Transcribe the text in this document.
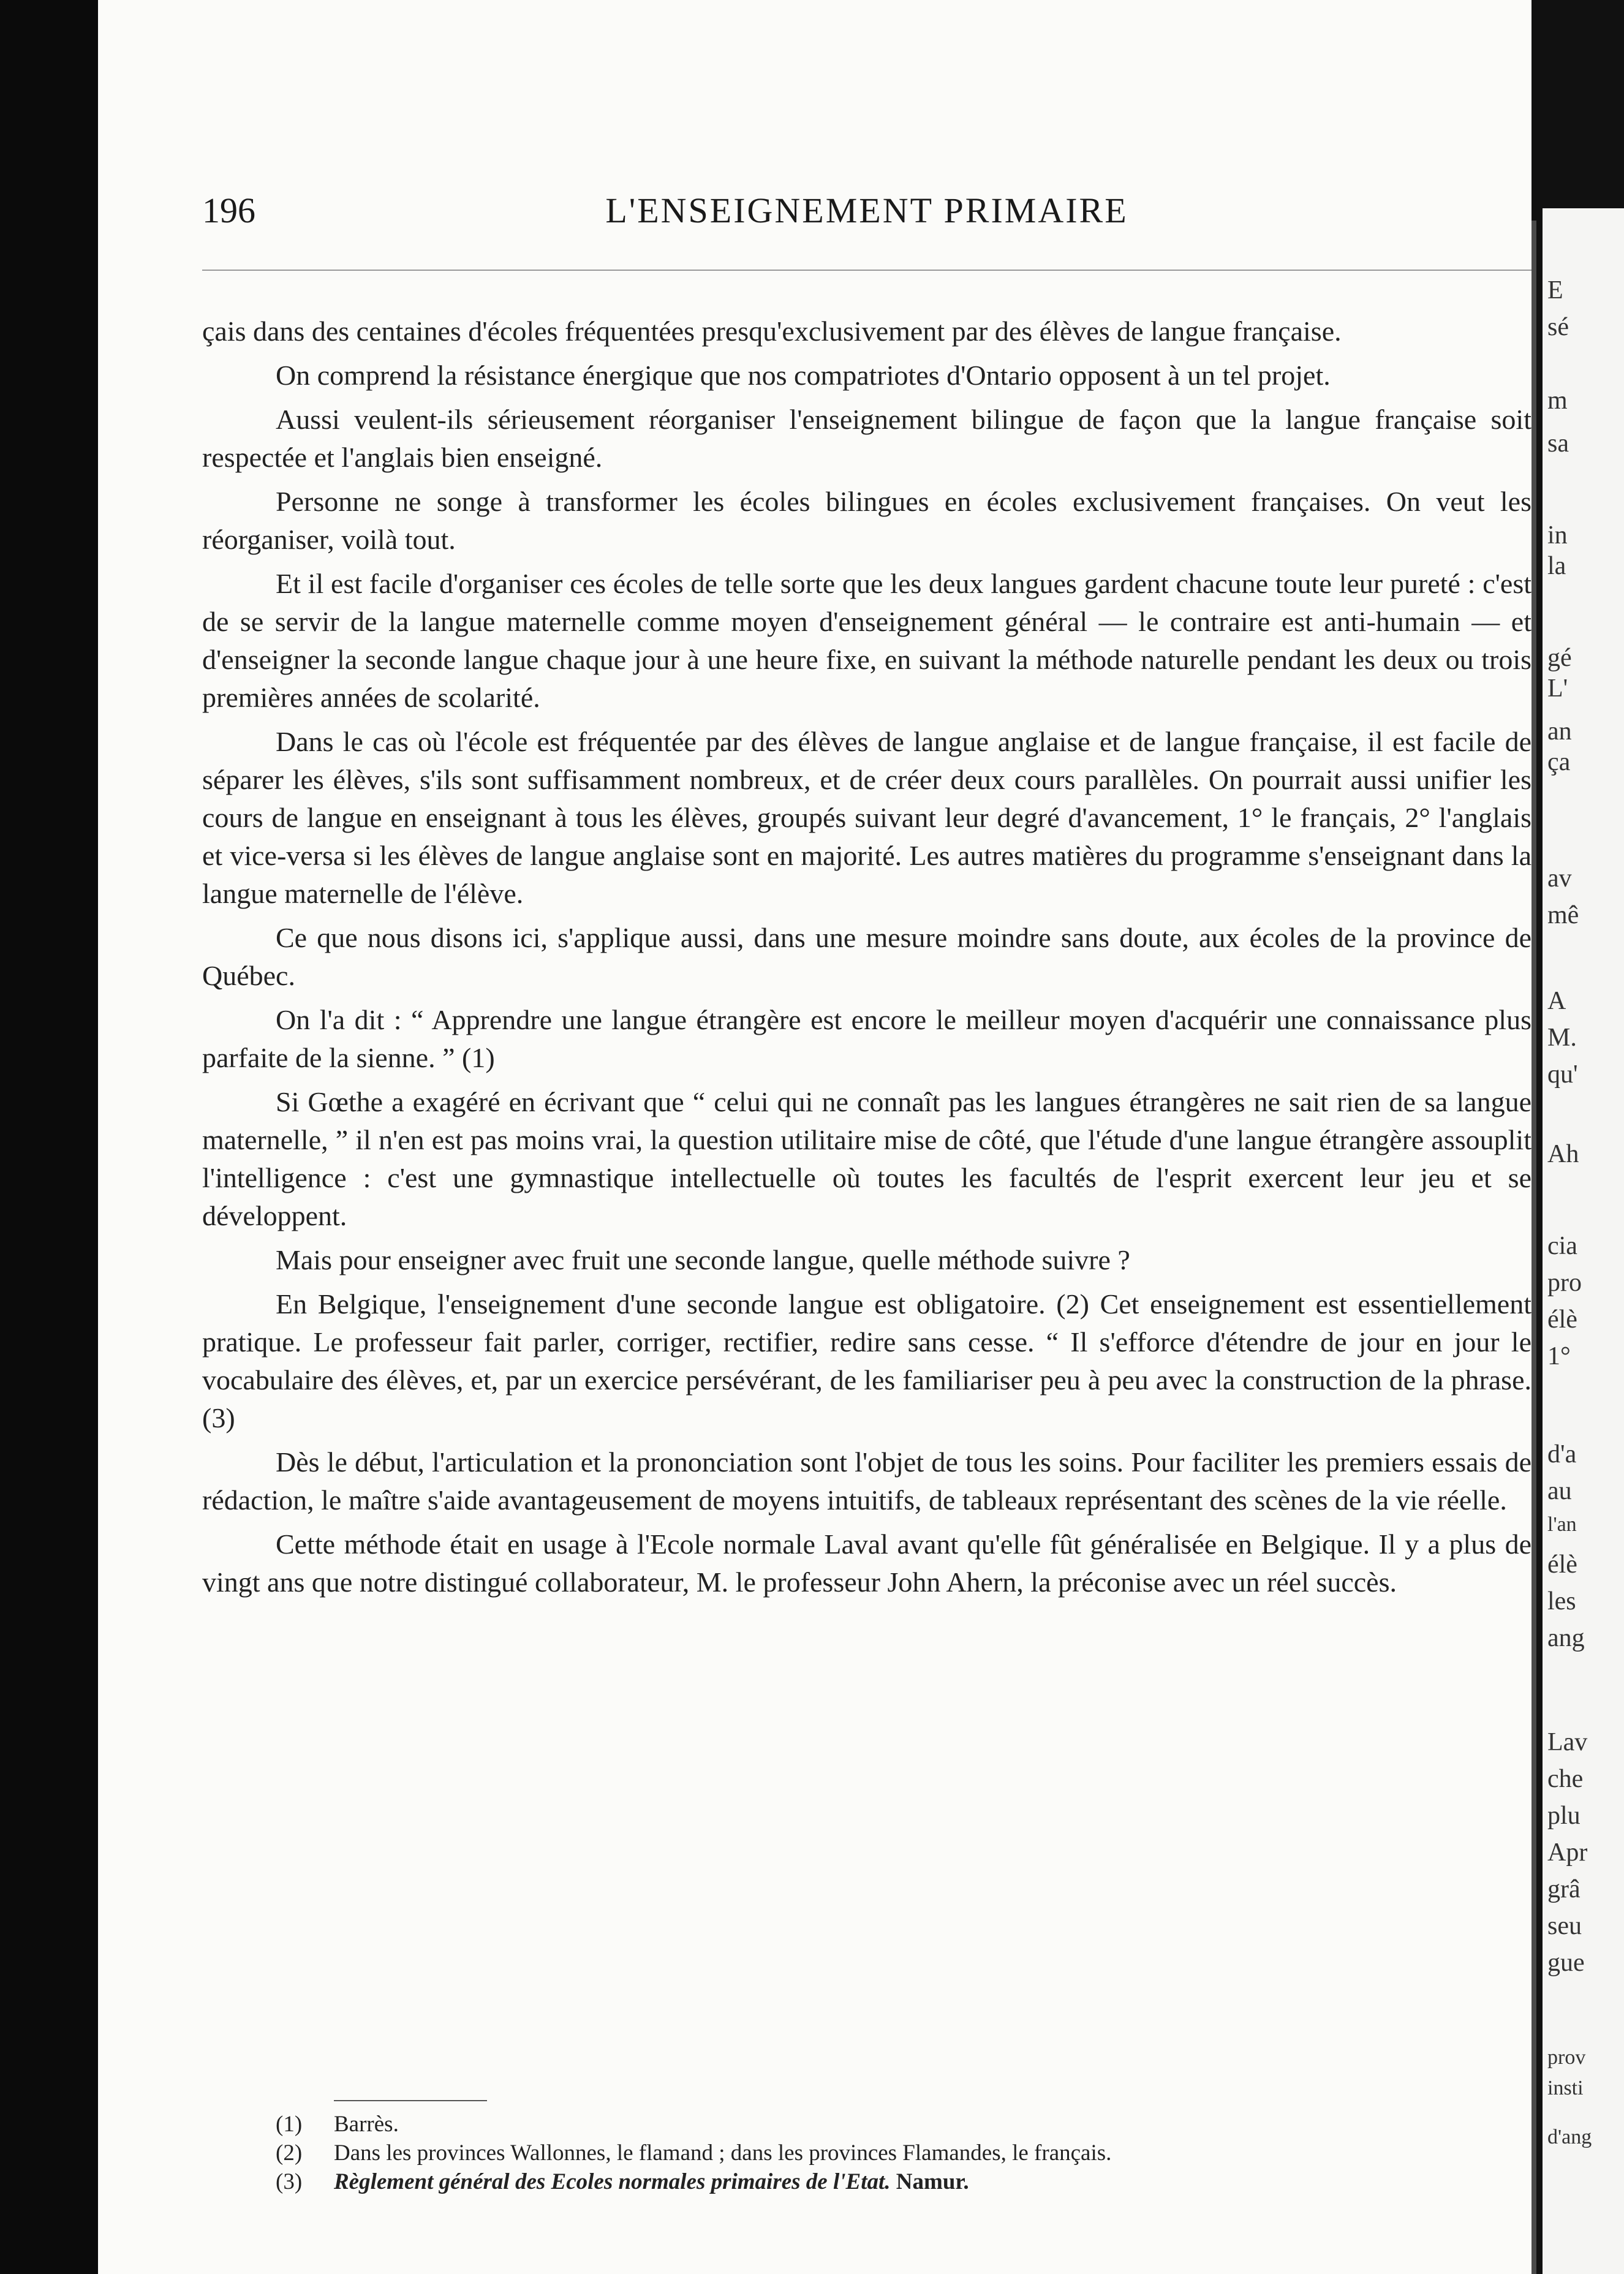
196	L'ENSEIGNEMENT PRIMAIRE

çais dans des centaines d'écoles fréquentées presqu'exclusivement par des élèves de langue française.

On comprend la résistance énergique que nos compatriotes d'Ontario opposent à un tel projet.

Aussi veulent-ils sérieusement réorganiser l'enseignement bilingue de façon que la langue française soit respectée et l'anglais bien enseigné.

Personne ne songe à transformer les écoles bilingues en écoles exclusivement françaises. On veut les réorganiser, voilà tout.

Et il est facile d'organiser ces écoles de telle sorte que les deux langues gardent chacune toute leur pureté : c'est de se servir de la langue maternelle comme moyen d'enseignement général — le contraire est anti-humain — et d'enseigner la seconde langue chaque jour à une heure fixe, en suivant la méthode naturelle pendant les deux ou trois premières années de scolarité.

Dans le cas où l'école est fréquentée par des élèves de langue anglaise et de langue française, il est facile de séparer les élèves, s'ils sont suffisamment nombreux, et de créer deux cours parallèles. On pourrait aussi unifier les cours de langue en enseignant à tous les élèves, groupés suivant leur degré d'avancement, 1° le français, 2° l'anglais et vice-versa si les élèves de langue anglaise sont en majorité. Les autres matières du programme s'enseignant dans la langue maternelle de l'élève.

Ce que nous disons ici, s'applique aussi, dans une mesure moindre sans doute, aux écoles de la province de Québec.

On l'a dit : “ Apprendre une langue étrangère est encore le meilleur moyen d'acquérir une connaissance plus parfaite de la sienne. ” (1)

Si Gœthe a exagéré en écrivant que “ celui qui ne connaît pas les langues étrangères ne sait rien de sa langue maternelle, ” il n'en est pas moins vrai, la question utilitaire mise de côté, que l'étude d'une langue étrangère assouplit l'intelligence : c'est une gymnastique intellectuelle où toutes les facultés de l'esprit exercent leur jeu et se développent.

Mais pour enseigner avec fruit une seconde langue, quelle méthode suivre ?

En Belgique, l'enseignement d'une seconde langue est obligatoire. (2) Cet enseignement est essentiellement pratique. Le professeur fait parler, corriger, rectifier, redire sans cesse. “ Il s'efforce d'étendre de jour en jour le vocabulaire des élèves, et, par un exercice persévérant, de les familiariser peu à peu avec la construction de la phrase. (3)

Dès le début, l'articulation et la prononciation sont l'objet de tous les soins. Pour faciliter les premiers essais de rédaction, le maître s'aide avantageusement de moyens intuitifs, de tableaux représentant des scènes de la vie réelle.

Cette méthode était en usage à l'Ecole normale Laval avant qu'elle fût généralisée en Belgique. Il y a plus de vingt ans que notre distingué collaborateur, M. le professeur John Ahern, la préconise avec un réel succès.

(1) Barrès.

(2) Dans les provinces Wallonnes, le flamand ; dans les provinces Flamandes, le français.

(3) Règlement général des Ecoles normales primaires de l'Etat. Namur.

E
sé
m
sa
in
la
gé
L'
an
ça
av
mê
A
M.
qu'
Ah
cia
pro
élè
1°
d'a
au
l'an
élè
les
ang
Lav
che
plu
Apr
grâ
seu
gue
prov
insti
d'ang
